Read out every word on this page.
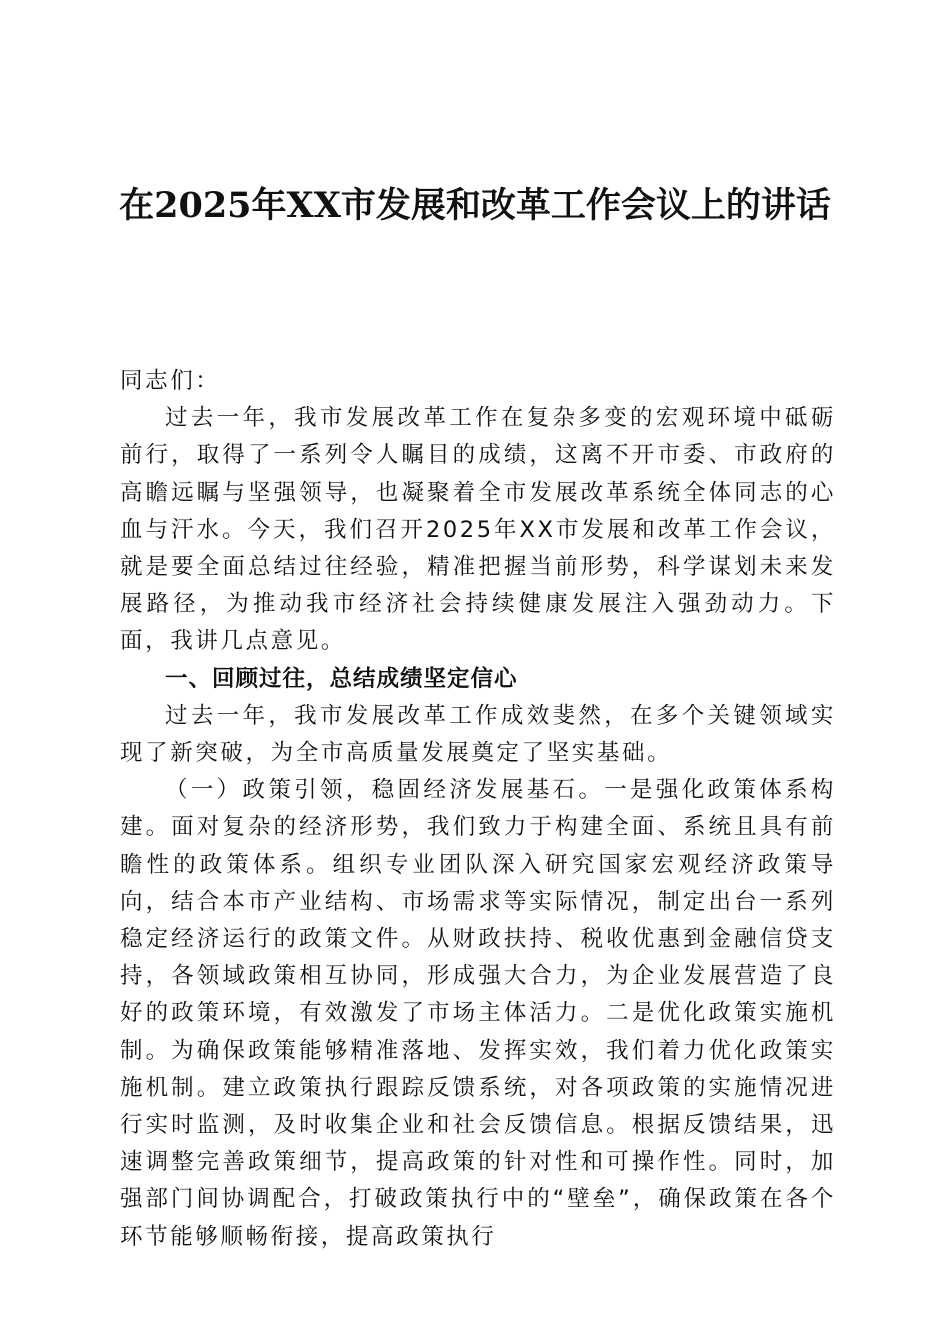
在2025年XX市发展和改革工作会议上的讲话

同志们：

过去一年，我市发展改革工作在复杂多变的宏观环境中砥砺前行，取得了一系列令人瞩目的成绩，这离不开市委、市政府的高瞻远瞩与坚强领导，也凝聚着全市发展改革系统全体同志的心血与汗水。今天，我们召开2025年XX市发展和改革工作会议，就是要全面总结过往经验，精准把握当前形势，科学谋划未来发展路径，为推动我市经济社会持续健康发展注入强劲动力。下面，我讲几点意见。

一、回顾过往，总结成绩坚定信心

过去一年，我市发展改革工作成效斐然，在多个关键领域实现了新突破，为全市高质量发展奠定了坚实基础。

（一）政策引领，稳固经济发展基石。一是强化政策体系构建。面对复杂的经济形势，我们致力于构建全面、系统且具有前瞻性的政策体系。组织专业团队深入研究国家宏观经济政策导向，结合本市产业结构、市场需求等实际情况，制定出台一系列稳定经济运行的政策文件。从财政扶持、税收优惠到金融信贷支持，各领域政策相互协同，形成强大合力，为企业发展营造了良好的政策环境，有效激发了市场主体活力。二是优化政策实施机制。为确保政策能够精准落地、发挥实效，我们着力优化政策实施机制。建立政策执行跟踪反馈系统，对各项政策的实施情况进行实时监测，及时收集企业和社会反馈信息。根据反馈结果，迅速调整完善政策细节，提高政策的针对性和可操作性。同时，加强部门间协调配合，打破政策执行中的“壁垒”，确保政策在各个环节能够顺畅衔接，提高政策执行
